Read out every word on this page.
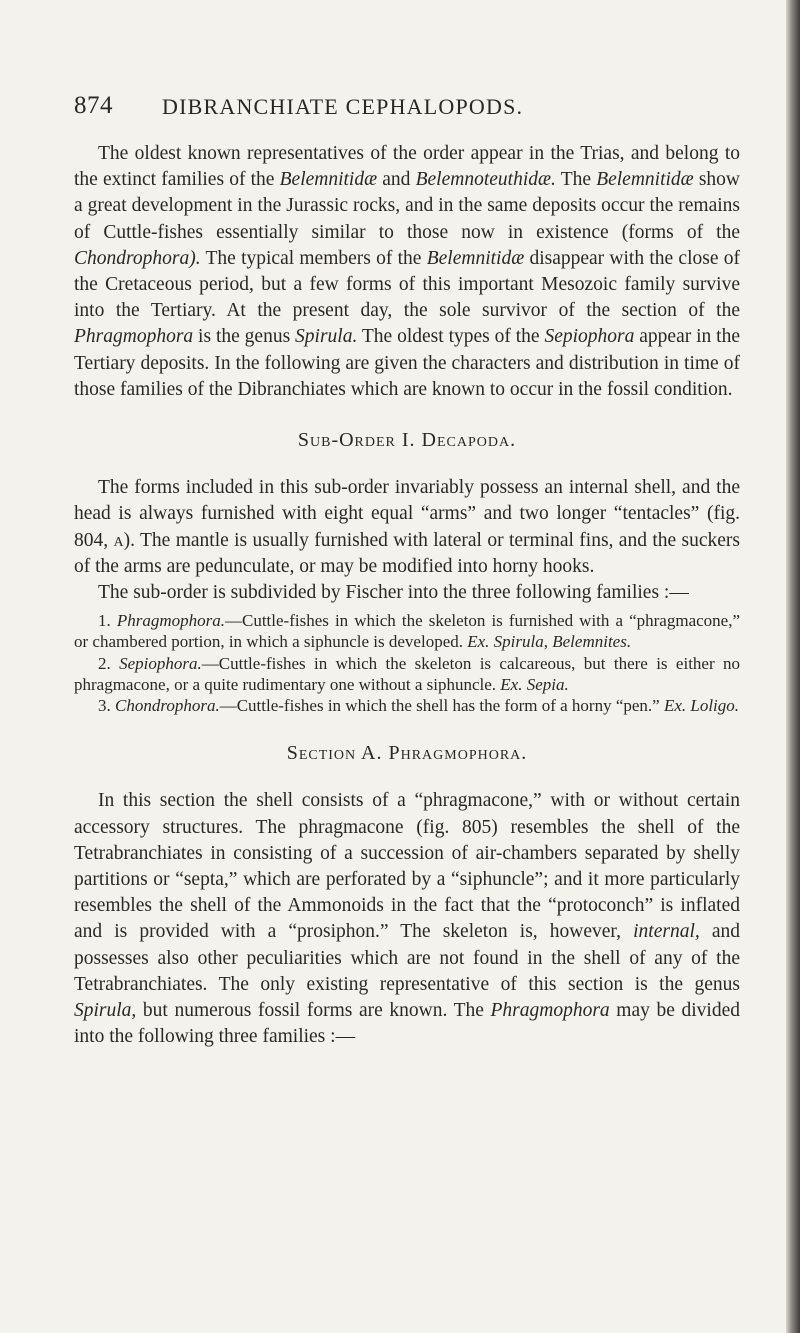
874 DIBRANCHIATE CEPHALOPODS.

The oldest known representatives of the order appear in the Trias, and belong to the extinct families of the Belemnitidæ and Belemnoteuthidæ. The Belemnitidæ show a great development in the Jurassic rocks, and in the same deposits occur the remains of Cuttle-fishes essentially similar to those now in existence (forms of the Chondrophora). The typical members of the Belemnitidæ disappear with the close of the Cretaceous period, but a few forms of this important Mesozoic family survive into the Tertiary. At the present day, the sole survivor of the section of the Phragmophora is the genus Spirula. The oldest types of the Sepiophora appear in the Tertiary deposits. In the following are given the characters and distribution in time of those families of the Dibranchiates which are known to occur in the fossil condition.

Sub-Order I. Decapoda.

The forms included in this sub-order invariably possess an internal shell, and the head is always furnished with eight equal “arms” and two longer “tentacles” (fig. 804, a). The mantle is usually furnished with lateral or terminal fins, and the suckers of the arms are pedunculate, or may be modified into horny hooks.

The sub-order is subdivided by Fischer into the three following families :—

1. Phragmophora.—Cuttle-fishes in which the skeleton is furnished with a “phragmacone,” or chambered portion, in which a siphuncle is developed. Ex. Spirula, Belemnites.

2. Sepiophora.—Cuttle-fishes in which the skeleton is calcareous, but there is either no phragmacone, or a quite rudimentary one without a siphuncle. Ex. Sepia.

3. Chondrophora.—Cuttle-fishes in which the shell has the form of a horny “pen.” Ex. Loligo.

Section A. Phragmophora.

In this section the shell consists of a “phragmacone,” with or without certain accessory structures. The phragmacone (fig. 805) resembles the shell of the Tetrabranchiates in consisting of a succession of air-chambers separated by shelly partitions or “septa,” which are perforated by a “siphuncle”; and it more particularly resembles the shell of the Ammonoids in the fact that the “protoconch” is inflated and is provided with a “prosiphon.” The skeleton is, however, internal, and possesses also other peculiarities which are not found in the shell of any of the Tetrabranchiates. The only existing representative of this section is the genus Spirula, but numerous fossil forms are known. The Phragmophora may be divided into the following three families :—
